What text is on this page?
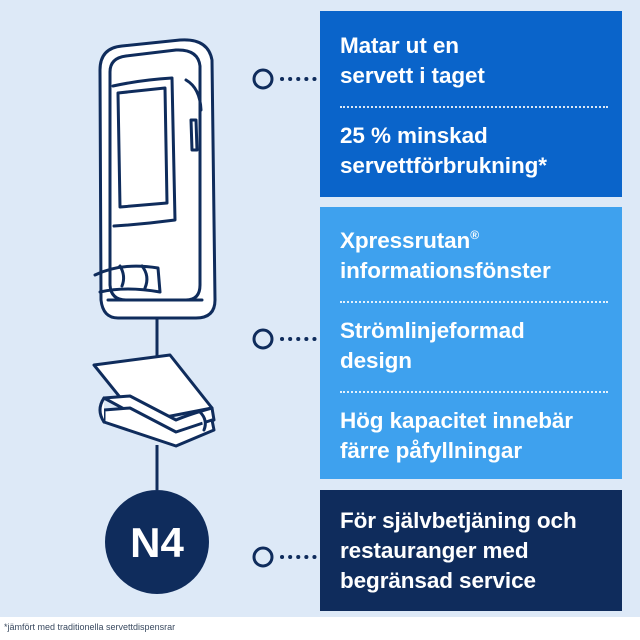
N4
Matar ut en
servett i taget
25 % minskad
servettförbrukning*
Xpressrutan®
informationsfönster
Strömlinjeformad
design
Hög kapacitet innebär
färre påfyllningar
För självbetjäning och
restauranger med
begränsad service
*jämfört med traditionella servettdispensrar
